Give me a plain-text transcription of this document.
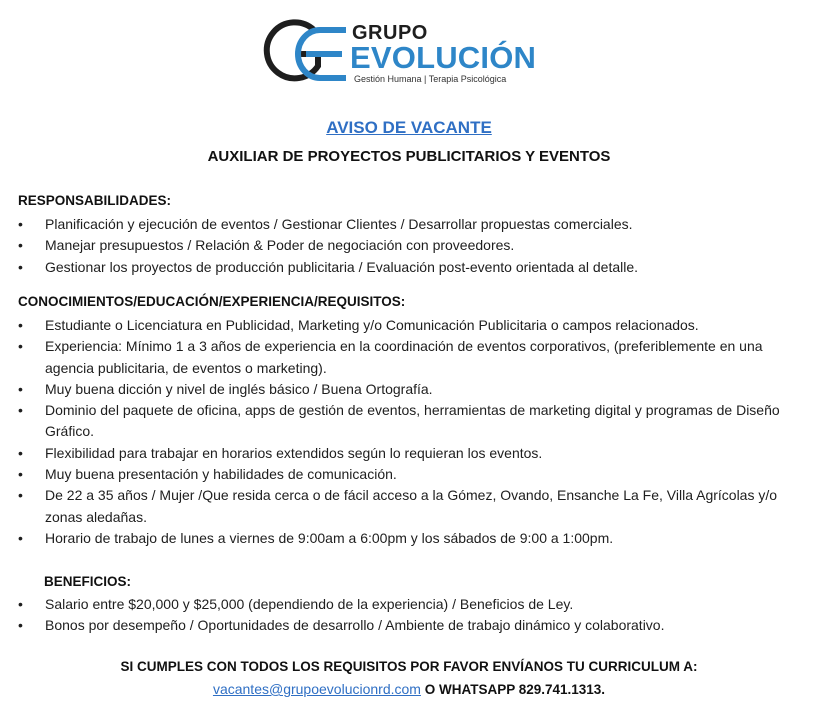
GRUPO
EVOLUCIÓN
Gestión Humana | Terapia Psicológica
AVISO DE VACANTE
AUXILIAR DE PROYECTOS PUBLICITARIOS Y EVENTOS
RESPONSABILIDADES:
• Planificación y ejecución de eventos / Gestionar Clientes / Desarrollar propuestas comerciales.
• Manejar presupuestos / Relación & Poder de negociación con proveedores.
• Gestionar los proyectos de producción publicitaria / Evaluación post-evento orientada al detalle.
CONOCIMIENTOS/EDUCACIÓN/EXPERIENCIA/REQUISITOS:
• Estudiante o Licenciatura en Publicidad, Marketing y/o Comunicación Publicitaria o campos relacionados.
• Experiencia: Mínimo 1 a 3 años de experiencia en la coordinación de eventos corporativos, (preferiblemente en una agencia publicitaria, de eventos o marketing).
• Muy buena dicción y nivel de inglés básico / Buena Ortografía.
• Dominio del paquete de oficina, apps de gestión de eventos, herramientas de marketing digital y programas de Diseño Gráfico.
• Flexibilidad para trabajar en horarios extendidos según lo requieran los eventos.
• Muy buena presentación y habilidades de comunicación.
• De 22 a 35 años / Mujer /Que resida cerca o de fácil acceso a la Gómez, Ovando, Ensanche La Fe, Villa Agrícolas y/o zonas aledañas.
• Horario de trabajo de lunes a viernes de 9:00am a 6:00pm y los sábados de 9:00 a 1:00pm.
BENEFICIOS:
• Salario entre $20,000 y $25,000 (dependiendo de la experiencia) / Beneficios de Ley.
• Bonos por desempeño / Oportunidades de desarrollo / Ambiente de trabajo dinámico y colaborativo.
SI CUMPLES CON TODOS LOS REQUISITOS POR FAVOR ENVÍANOS TU CURRICULUM A:
vacantes@grupoevolucionrd.com O WHATSAPP 829.741.1313.
